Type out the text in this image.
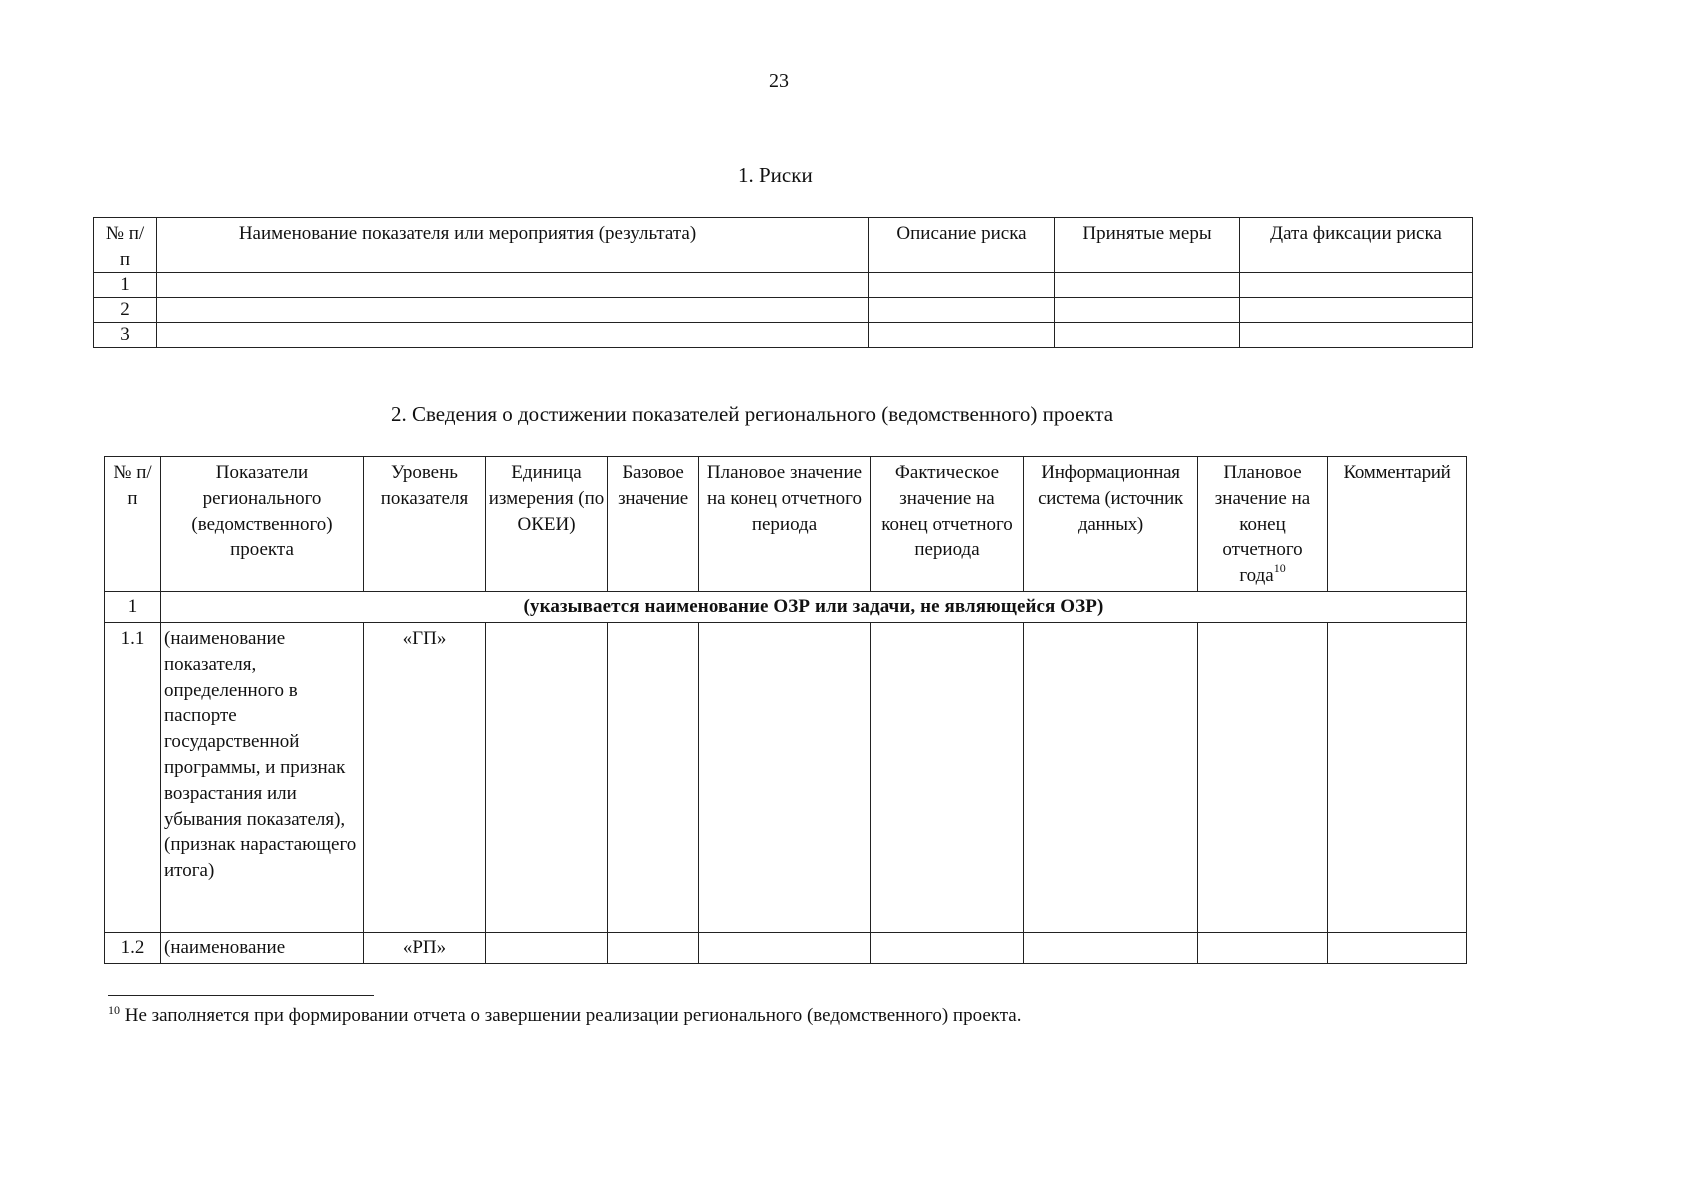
23
1. Риски
№ п/п	Наименование показателя или мероприятия (результата)	Описание риска	Принятые меры	Дата фиксации риска
1				
2				
3				
2. Сведения о достижении показателей регионального (ведомственного) проекта
№ п/п	Показатели регионального (ведомственного) проекта	Уровень показателя	Единица измерения (по ОКЕИ)	Базовое значение	Плановое значение на конец отчетного периода	Фактическое значение на конец отчетного периода	Информационная система (источник данных)	Плановое значение на конец отчетного года$^{10}$	Комментарий
1	(указывается наименование ОЗР или задачи, не являющейся ОЗР)								
1.1	(наименование показателя, определенного в паспорте государственной программы, и признак возрастания или убывания показателя), (признак нарастающего итога)	«ГП»							
1.2	(наименование	«РП»							
$^{10}$ Не заполняется при формировании отчета о завершении реализации регионального (ведомственного) проекта.
